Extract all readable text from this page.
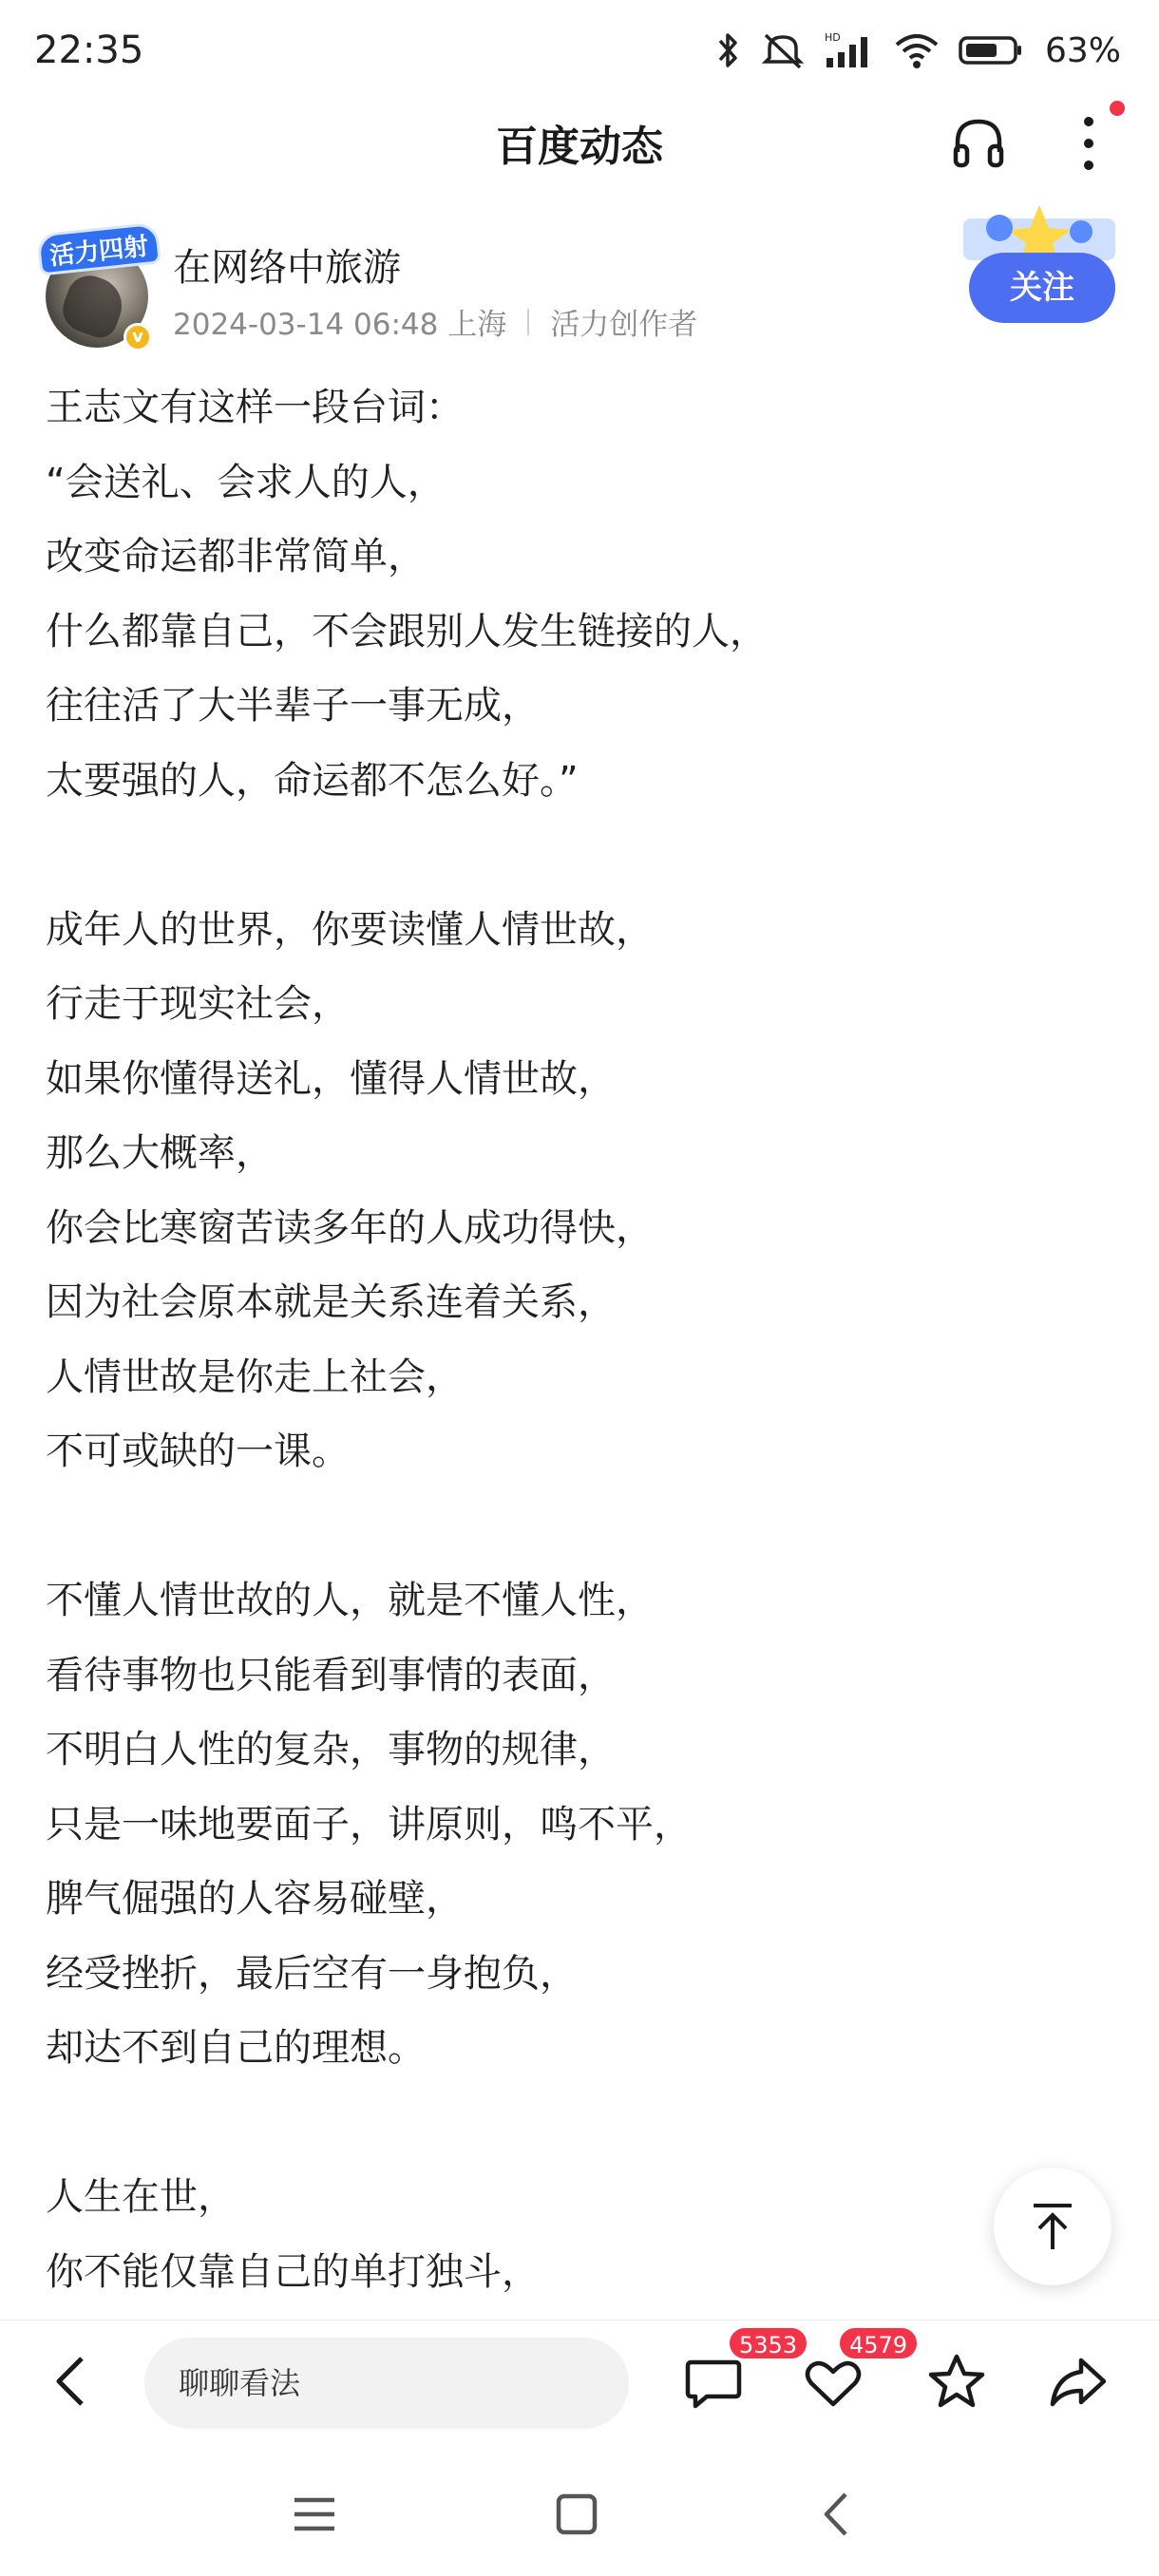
22:35	HD	63%
百度动态
活力四射
v
在网络中旅游
2024-03-14 06:48 上海 活力创作者
关注

王志文有这样一段台词：

“会送礼、会求人的人，

改变命运都非常简单，

什么都靠自己，不会跟别人发生链接的人，

往往活了大半辈子一事无成，

太要强的人，命运都不怎么好。”

成年人的世界，你要读懂人情世故，

行走于现实社会，

如果你懂得送礼，懂得人情世故，

那么大概率，

你会比寒窗苦读多年的人成功得快，

因为社会原本就是关系连着关系，

人情世故是你走上社会，

不可或缺的一课。

不懂人情世故的人，就是不懂人性，

看待事物也只能看到事情的表面，

不明白人性的复杂，事物的规律，

只是一味地要面子，讲原则，鸣不平，

脾气倔强的人容易碰壁，

经受挫折，最后空有一身抱负，

却达不到自己的理想。

人生在世，

你不能仅靠自己的单打独斗，

聊聊看法
5353	4579
